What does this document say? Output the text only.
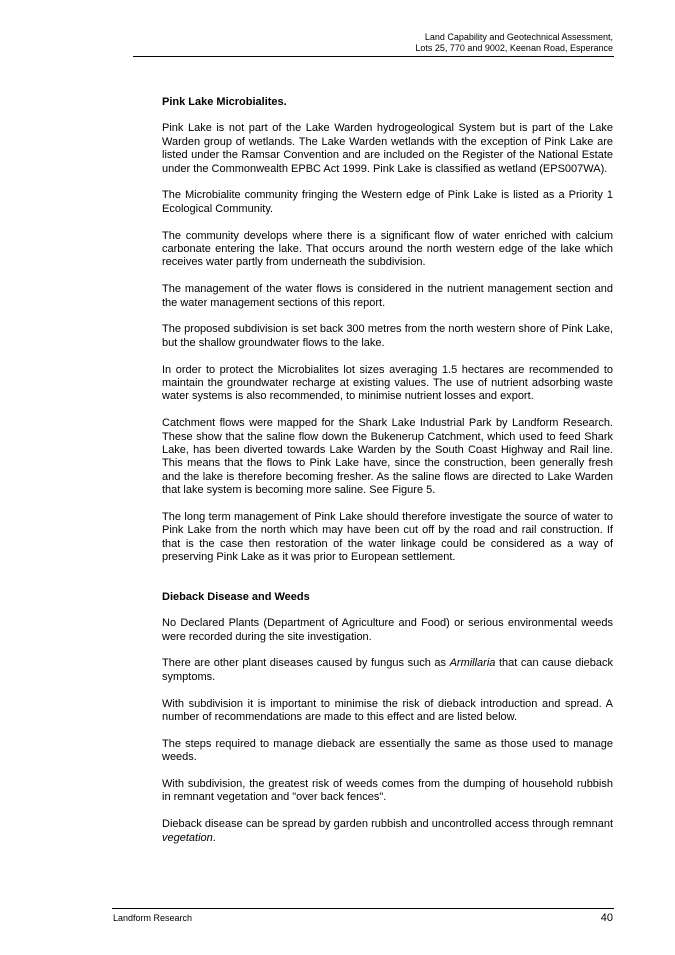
Land Capability and Geotechnical Assessment,
Lots 25, 770 and 9002, Keenan Road, Esperance
Pink Lake Microbialites.

Pink Lake is not part of the Lake Warden hydrogeological System but is part of the Lake Warden group of wetlands. The Lake Warden wetlands with the exception of Pink Lake are listed under the Ramsar Convention and are included on the Register of the National Estate under the Commonwealth EPBC Act 1999. Pink Lake is classified as wetland (EPS007WA).

The Microbialite community fringing the Western edge of Pink Lake is listed as a Priority 1 Ecological Community.

The community develops where there is a significant flow of water enriched with calcium carbonate entering the lake. That occurs around the north western edge of the lake which receives water partly from underneath the subdivision.

The management of the water flows is considered in the nutrient management section and the water management sections of this report.

The proposed subdivision is set back 300 metres from the north western shore of Pink Lake, but the shallow groundwater flows to the lake.

In order to protect the Microbialites lot sizes averaging 1.5 hectares are recommended to maintain the groundwater recharge at existing values. The use of nutrient adsorbing waste water systems is also recommended, to minimise nutrient losses and export.

Catchment flows were mapped for the Shark Lake Industrial Park by Landform Research. These show that the saline flow down the Bukenerup Catchment, which used to feed Shark Lake, has been diverted towards Lake Warden by the South Coast Highway and Rail line. This means that the flows to Pink Lake have, since the construction, been generally fresh and the lake is therefore becoming fresher. As the saline flows are directed to Lake Warden that lake system is becoming more saline. See Figure 5.

The long term management of Pink Lake should therefore investigate the source of water to Pink Lake from the north which may have been cut off by the road and rail construction. If that is the case then restoration of the water linkage could be considered as a way of preserving Pink Lake as it was prior to European settlement.

Dieback Disease and Weeds

No Declared Plants (Department of Agriculture and Food) or serious environmental weeds were recorded during the site investigation.

There are other plant diseases caused by fungus such as Armillaria that can cause dieback symptoms.

With subdivision it is important to minimise the risk of dieback introduction and spread. A number of recommendations are made to this effect and are listed below.

The steps required to manage dieback are essentially the same as those used to manage weeds.

With subdivision, the greatest risk of weeds comes from the dumping of household rubbish in remnant vegetation and "over back fences".

Dieback disease can be spread by garden rubbish and uncontrolled access through remnant vegetation.

Landform Research	40
